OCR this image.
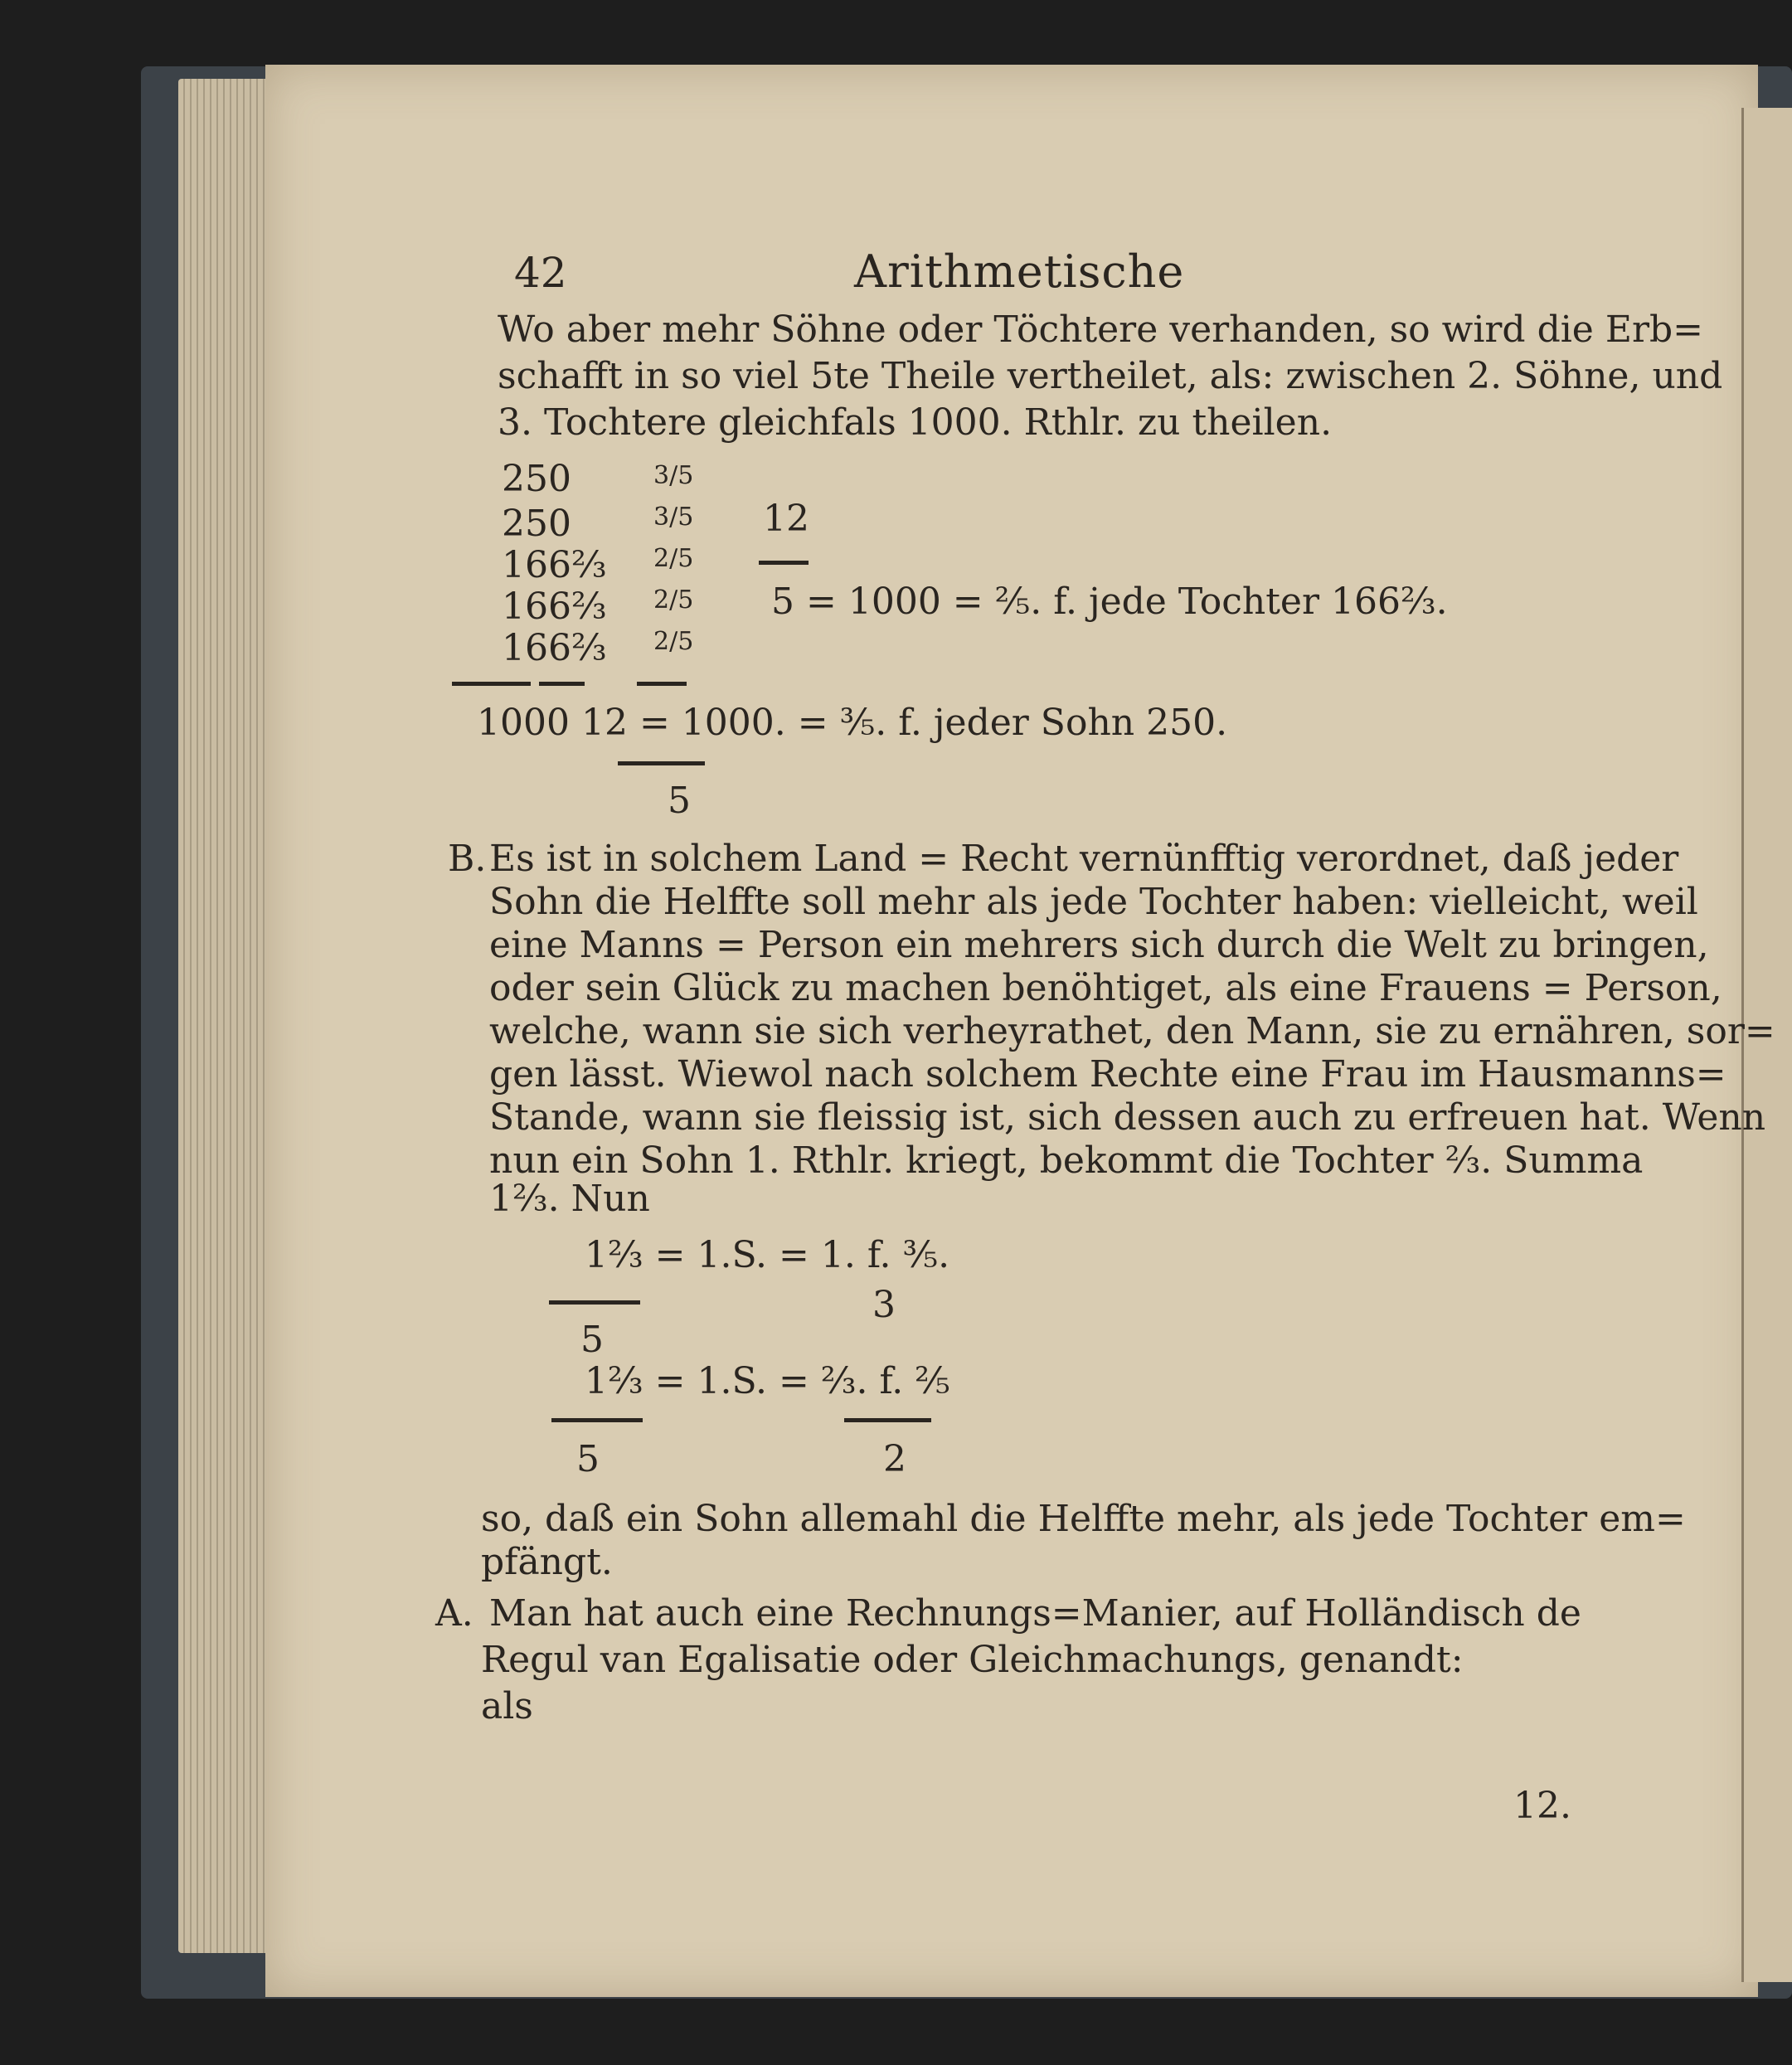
42	Arithmetische
Wo aber mehr Söhne oder Töchtere verhanden, so wird die Erb=
schafft in so viel 5te Theile vertheilet, als: zwischen 2. Söhne, und
3. Tochtere gleichfals 1000. Rthlr. zu theilen.
250
250
166⅔
166⅔
166⅔
3/5
3/5
2/5
2/5
2/5
12
5 = 1000 = ⅖. f. jede Tochter 166⅔.
1000 12 = 1000. = ⅗. f. jeder Sohn 250.
5
B. Es ist in solchem Land = Recht vernünfftig verordnet, daß jeder
Sohn die Helffte soll mehr als jede Tochter haben: vielleicht, weil
eine Manns = Person ein mehrers sich durch die Welt zu bringen,
oder sein Glück zu machen benöhtiget, als eine Frauens = Person,
welche, wann sie sich verheyrathet, den Mann, sie zu ernähren, sor=
gen lässt. Wiewol nach solchem Rechte eine Frau im Hausmanns=
Stande, wann sie fleissig ist, sich dessen auch zu erfreuen hat. Wenn
nun ein Sohn 1. Rthlr. kriegt, bekommt die Tochter ⅔. Summa
1⅔. Nun
1⅔ = 1.S. = 1. f. ⅗.
3
5
1⅔ = 1.S. = ⅔. f. ⅖
5	2
so, daß ein Sohn allemahl die Helffte mehr, als jede Tochter em=
pfängt.
A. Man hat auch eine Rechnungs=Manier, auf Holländisch de
Regul van Egalisatie oder Gleichmachungs, genandt:
als
12.
